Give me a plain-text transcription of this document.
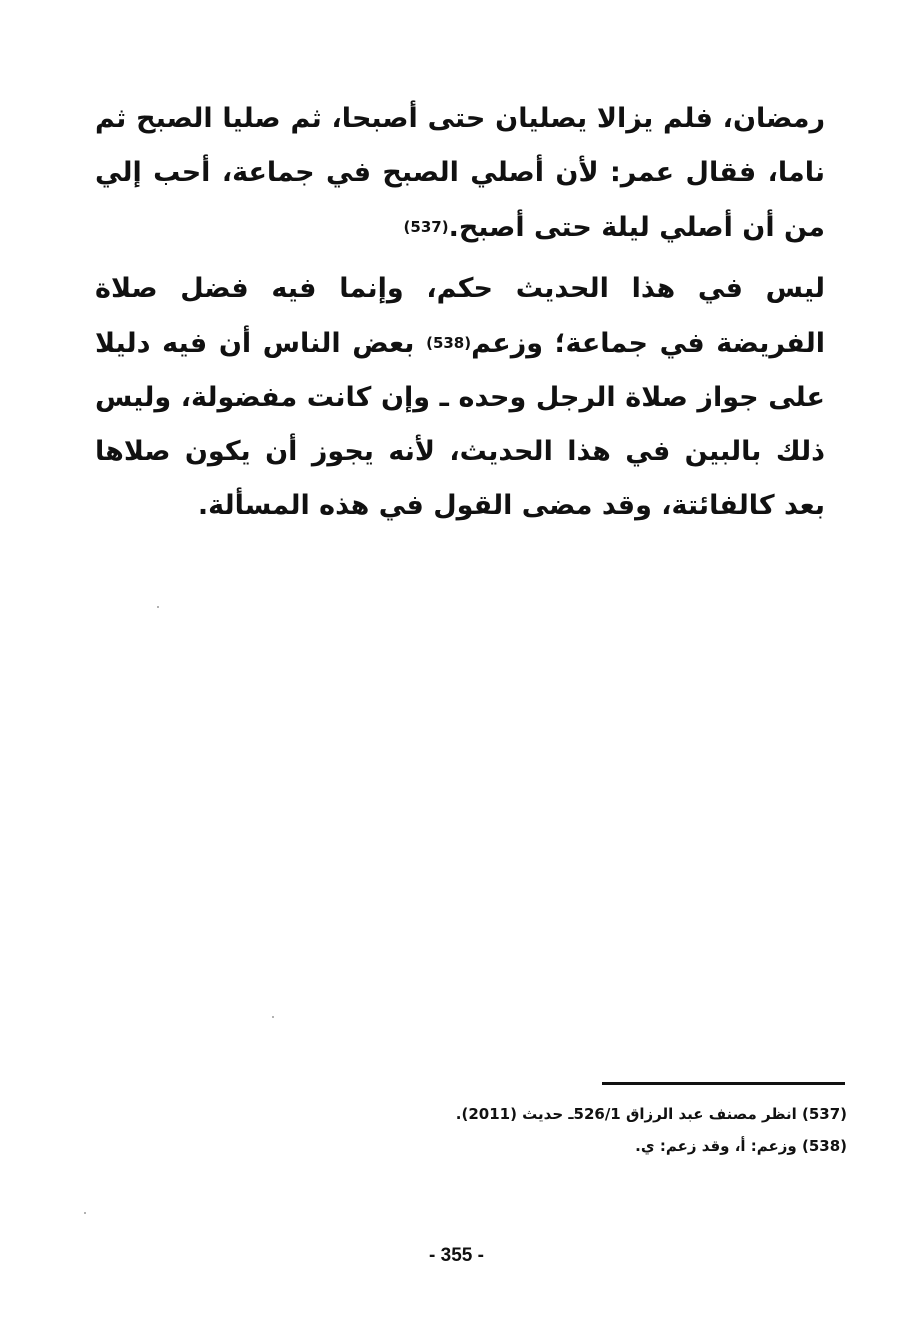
رمضان، فلم يزالا يصليان حتى أصبحا، ثم صليا الصبح ثم ناما، فقال عمر: لأن أصلي الصبح في جماعة، أحب إلي من أن أصلي ليلة حتى أصبح.(537)

ليس في هذا الحديث حكم، وإنما فيه فضل صلاة الفريضة في جماعة؛ وزعم(538) بعض الناس أن فيه دليلا على جواز صلاة الرجل وحده ـ وإن كانت مفضولة، وليس ذلك بالبين في هذا الحديث، لأنه يجوز أن يكون صلاها بعد كالفائتة، وقد مضى القول في هذه المسألة.

(537) انظر مصنف عبد الرزاق 526/1ـ حديث (2011).

(538) وزعم: أ، وقد زعم: ي.

- 355 -
